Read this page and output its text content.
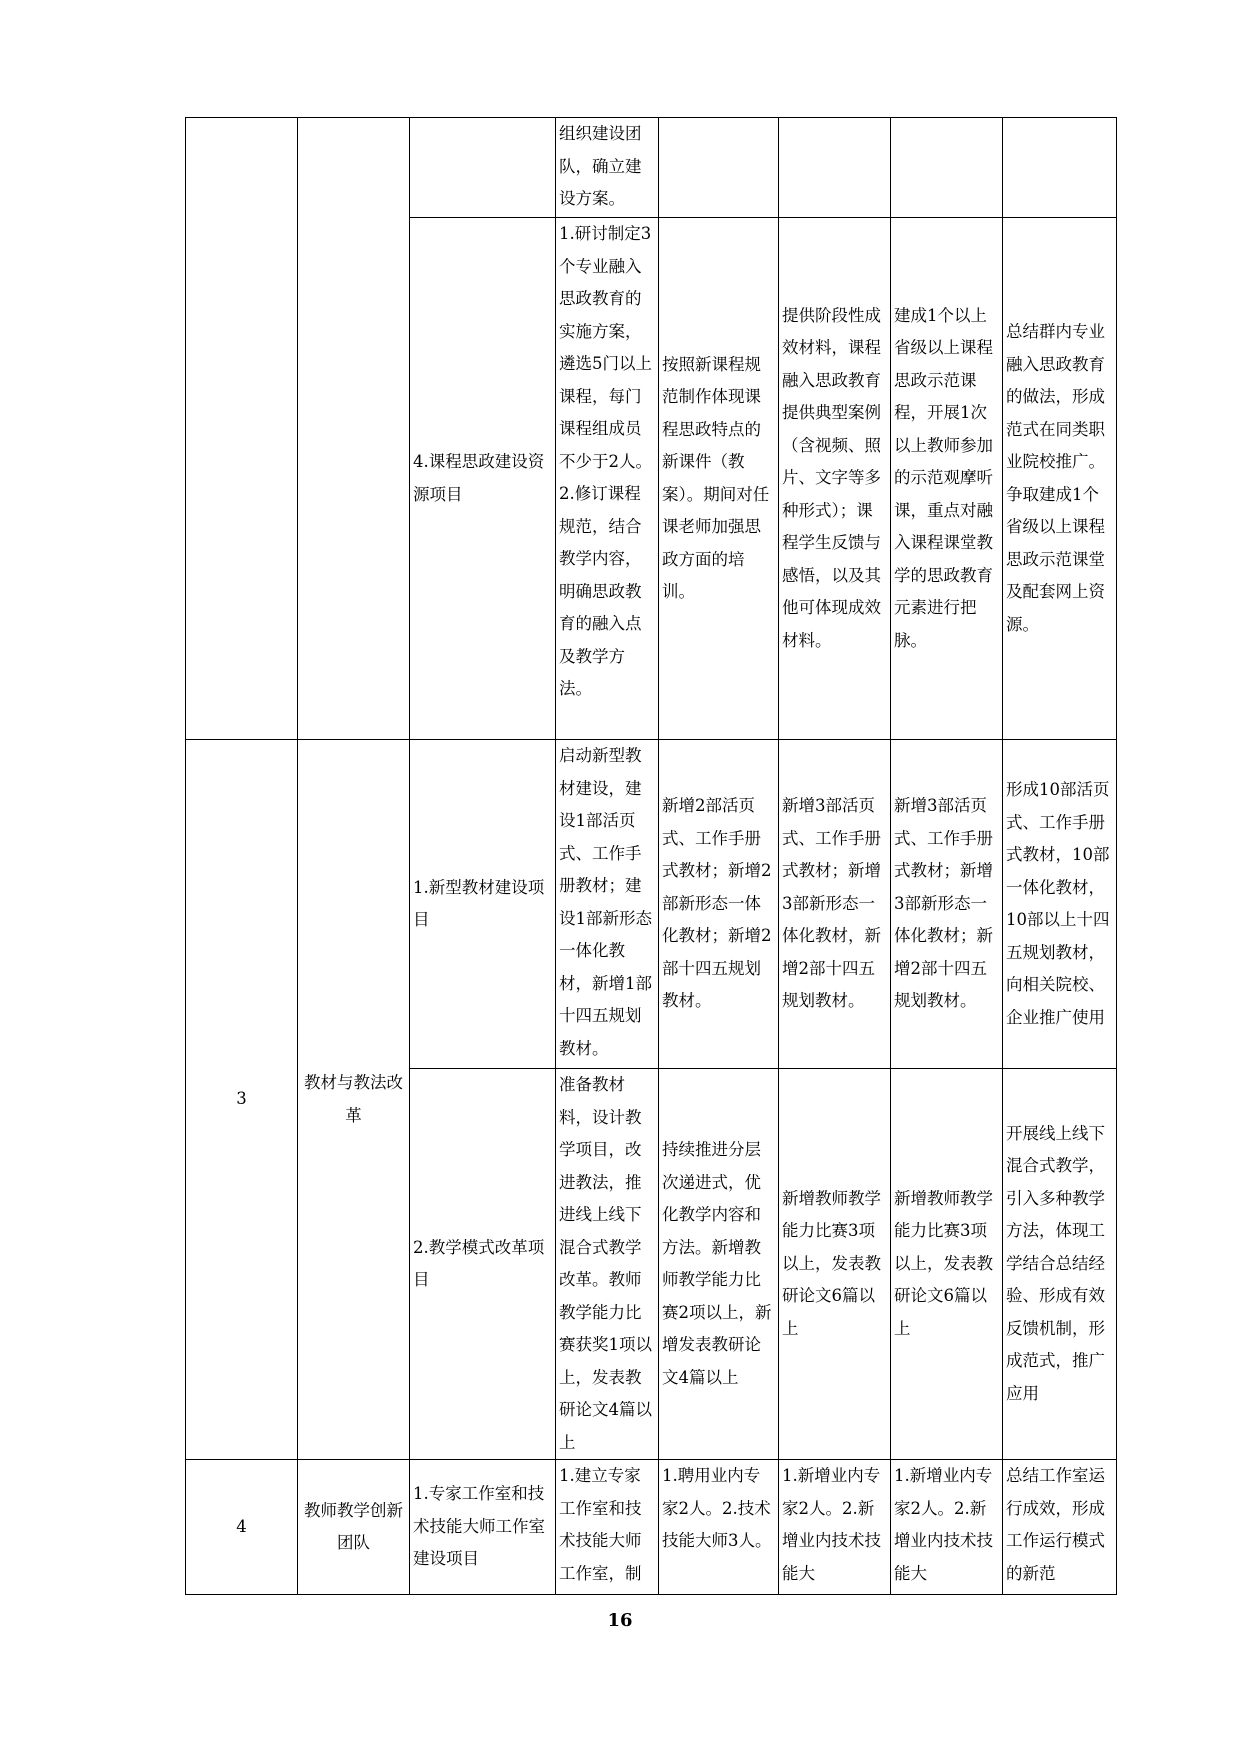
			组织建设团队，确立建设方案。				
		4.课程思政建设资源项目	1.研讨制定3个专业融入思政教育的实施方案，遴选5门以上课程，每门课程组成员不少于2人。2.修订课程规范，结合教学内容，明确思政教育的融入点及教学方法。	按照新课程规范制作体现课程思政特点的新课件（教案）。期间对任课老师加强思政方面的培训。	提供阶段性成效材料，课程融入思政教育提供典型案例（含视频、照片、文字等多种形式）；课程学生反馈与感悟，以及其他可体现成效材料。	建成1个以上省级以上课程思政示范课程，开展1次以上教师参加的示范观摩听课，重点对融入课程课堂教学的思政教育元素进行把脉。	总结群内专业融入思政教育的做法，形成范式在同类职业院校推广。争取建成1个省级以上课程思政示范课堂及配套网上资源。
3	教材与教法改革	1.新型教材建设项目	启动新型教材建设，建设1部活页式、工作手册教材；建设1部新形态一体化教材，新增1部十四五规划教材。	新增2部活页式、工作手册式教材；新增2部新形态一体化教材；新增2部十四五规划教材。	新增3部活页式、工作手册式教材；新增3部新形态一体化教材，新增2部十四五规划教材。	新增3部活页式、工作手册式教材；新增3部新形态一体化教材；新增2部十四五规划教材。	形成10部活页式、工作手册式教材，10部一体化教材，10部以上十四五规划教材，向相关院校、企业推广使用
		2.教学模式改革项目	准备教材料，设计教学项目，改进教法，推进线上线下混合式教学改革。教师教学能力比赛获奖1项以上，发表教研论文4篇以上	持续推进分层次递进式，优化教学内容和方法。新增教师教学能力比赛2项以上，新增发表教研论文4篇以上	新增教师教学能力比赛3项以上，发表教研论文6篇以上	新增教师教学能力比赛3项以上，发表教研论文6篇以上	开展线上线下混合式教学，引入多种教学方法，体现工学结合总结经验、形成有效反馈机制，形成范式，推广应用
4	教师教学创新团队	1.专家工作室和技术技能大师工作室建设项目	1.建立专家工作室和技术技能大师工作室，制	1.聘用业内专家2人。2.技术技能大师3人。	1.新增业内专家2人。2.新增业内技术技能大	1.新增业内专家2人。2.新增业内技术技能大	总结工作室运行成效，形成工作运行模式的新范
16
